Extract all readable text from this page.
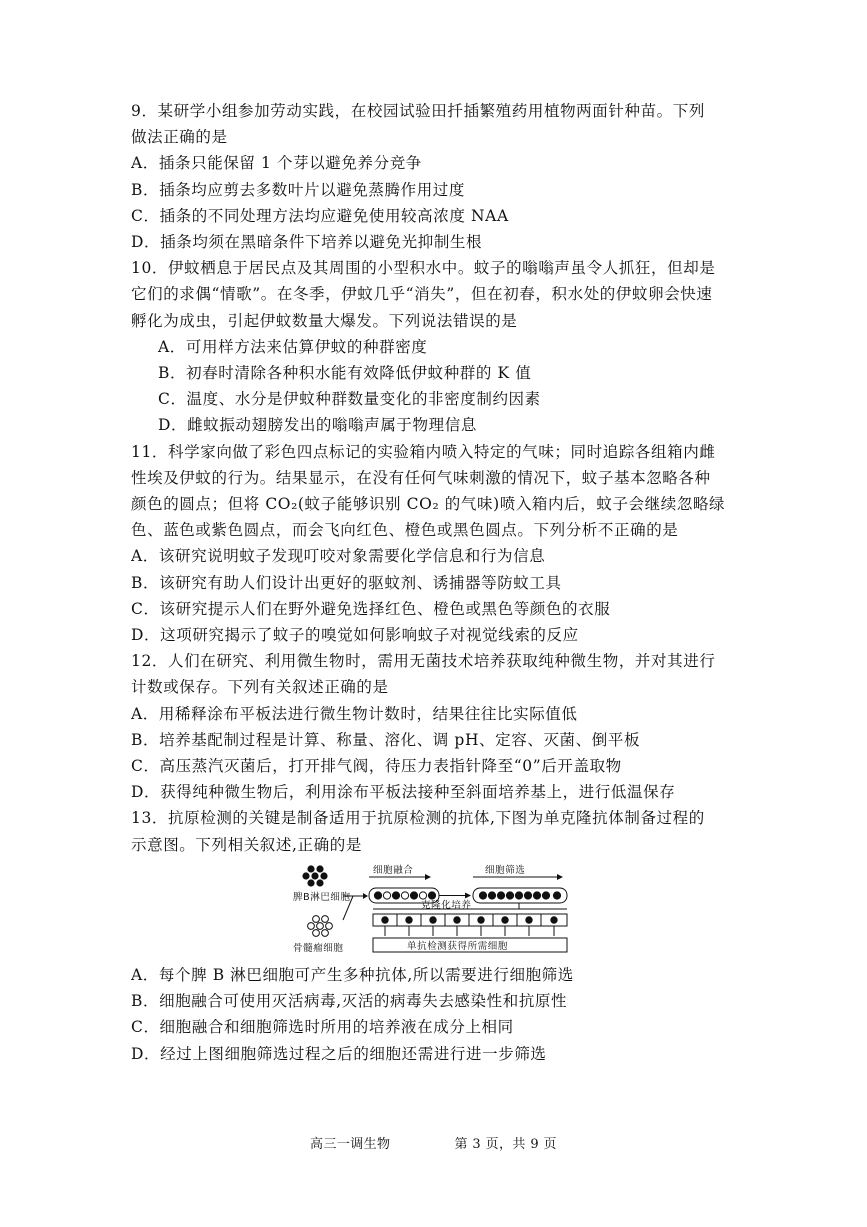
9．某研学小组参加劳动实践，在校园试验田扦插繁殖药用植物两面针种苗。下列
做法正确的是
A．插条只能保留 1 个芽以避免养分竞争
B．插条均应剪去多数叶片以避免蒸腾作用过度
C．插条的不同处理方法均应避免使用较高浓度 NAA
D．插条均须在黑暗条件下培养以避免光抑制生根
10．伊蚊栖息于居民点及其周围的小型积水中。蚊子的嗡嗡声虽令人抓狂，但却是
它们的求偶“情歌”。在冬季，伊蚊几乎“消失”，但在初春，积水处的伊蚊卵会快速
孵化为成虫，引起伊蚊数量大爆发。下列说法错误的是
A．可用样方法来估算伊蚊的种群密度
B．初春时清除各种积水能有效降低伊蚊种群的 K 值
C．温度、水分是伊蚊种群数量变化的非密度制约因素
D．雌蚊振动翅膀发出的嗡嗡声属于物理信息
11．科学家向做了彩色四点标记的实验箱内喷入特定的气味；同时追踪各组箱内雌
性埃及伊蚊的行为。结果显示，在没有任何气味刺激的情况下，蚊子基本忽略各种
颜色的圆点；但将 CO₂(蚊子能够识别 CO₂ 的气味)喷入箱内后，蚊子会继续忽略绿
色、蓝色或紫色圆点，而会飞向红色、橙色或黑色圆点。下列分析不正确的是
A．该研究说明蚊子发现叮咬对象需要化学信息和行为信息
B．该研究有助人们设计出更好的驱蚊剂、诱捕器等防蚊工具
C．该研究提示人们在野外避免选择红色、橙色或黑色等颜色的衣服
D．这项研究揭示了蚊子的嗅觉如何影响蚊子对视觉线索的反应
12．人们在研究、利用微生物时，需用无菌技术培养获取纯种微生物，并对其进行
计数或保存。下列有关叙述正确的是
A．用稀释涂布平板法进行微生物计数时，结果往往比实际值低
B．培养基配制过程是计算、称量、溶化、调 pH、定容、灭菌、倒平板
C．高压蒸汽灭菌后，打开排气阀，待压力表指针降至“0”后开盖取物
D．获得纯种微生物后，利用涂布平板法接种至斜面培养基上，进行低温保存
13．抗原检测的关键是制备适用于抗原检测的抗体,下图为单克隆抗体制备过程的
示意图。下列相关叙述,正确的是
脾B淋巴细胞
骨髓瘤细胞
细胞融合	细胞筛选
克隆化培养
单抗检测获得所需细胞
A．每个脾 B 淋巴细胞可产生多种抗体,所以需要进行细胞筛选
B．细胞融合可使用灭活病毒,灭活的病毒失去感染性和抗原性
C．细胞融合和细胞筛选时所用的培养液在成分上相同
D．经过上图细胞筛选过程之后的细胞还需进行进一步筛选
高三一调生物	第 3 页，共 9 页
